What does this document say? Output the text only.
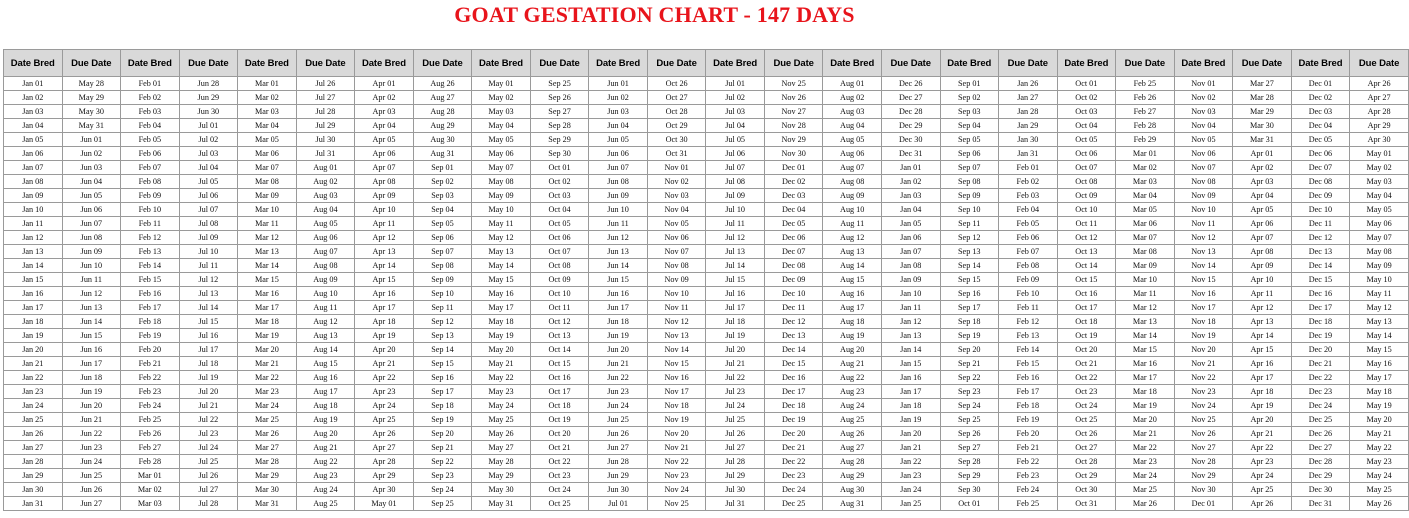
GOAT GESTATION CHART - 147 DAYS
Date Bred	Due Date	Date Bred	Due Date	Date Bred	Due Date	Date Bred	Due Date	Date Bred	Due Date	Date Bred	Due Date	Date Bred	Due Date	Date Bred	Due Date	Date Bred	Due Date	Date Bred	Due Date	Date Bred	Due Date	Date Bred	Due Date
Jan 01	May 28	Feb 01	Jun 28	Mar 01	Jul 26	Apr 01	Aug 26	May 01	Sep 25	Jun 01	Oct 26	Jul 01	Nov 25	Aug 01	Dec 26	Sep 01	Jan 26	Oct 01	Feb 25	Nov 01	Mar 27	Dec 01	Apr 26
Jan 02	May 29	Feb 02	Jun 29	Mar 02	Jul 27	Apr 02	Aug 27	May 02	Sep 26	Jun 02	Oct 27	Jul 02	Nov 26	Aug 02	Dec 27	Sep 02	Jan 27	Oct 02	Feb 26	Nov 02	Mar 28	Dec 02	Apr 27
Jan 03	May 30	Feb 03	Jun 30	Mar 03	Jul 28	Apr 03	Aug 28	May 03	Sep 27	Jun 03	Oct 28	Jul 03	Nov 27	Aug 03	Dec 28	Sep 03	Jan 28	Oct 03	Feb 27	Nov 03	Mar 29	Dec 03	Apr 28
Jan 04	May 31	Feb 04	Jul 01	Mar 04	Jul 29	Apr 04	Aug 29	May 04	Sep 28	Jun 04	Oct 29	Jul 04	Nov 28	Aug 04	Dec 29	Sep 04	Jan 29	Oct 04	Feb 28	Nov 04	Mar 30	Dec 04	Apr 29
Jan 05	Jun 01	Feb 05	Jul 02	Mar 05	Jul 30	Apr 05	Aug 30	May 05	Sep 29	Jun 05	Oct 30	Jul 05	Nov 29	Aug 05	Dec 30	Sep 05	Jan 30	Oct 05	Feb 29	Nov 05	Mar 31	Dec 05	Apr 30
Jan 06	Jun 02	Feb 06	Jul 03	Mar 06	Jul 31	Apr 06	Aug 31	May 06	Sep 30	Jun 06	Oct 31	Jul 06	Nov 30	Aug 06	Dec 31	Sep 06	Jan 31	Oct 06	Mar 01	Nov 06	Apr 01	Dec 06	May 01
Jan 07	Jun 03	Feb 07	Jul 04	Mar 07	Aug 01	Apr 07	Sep 01	May 07	Oct 01	Jun 07	Nov 01	Jul 07	Dec 01	Aug 07	Jan 01	Sep 07	Feb 01	Oct 07	Mar 02	Nov 07	Apr 02	Dec 07	May 02
Jan 08	Jun 04	Feb 08	Jul 05	Mar 08	Aug 02	Apr 08	Sep 02	May 08	Oct 02	Jun 08	Nov 02	Jul 08	Dec 02	Aug 08	Jan 02	Sep 08	Feb 02	Oct 08	Mar 03	Nov 08	Apr 03	Dec 08	May 03
Jan 09	Jun 05	Feb 09	Jul 06	Mar 09	Aug 03	Apr 09	Sep 03	May 09	Oct 03	Jun 09	Nov 03	Jul 09	Dec 03	Aug 09	Jan 03	Sep 09	Feb 03	Oct 09	Mar 04	Nov 09	Apr 04	Dec 09	May 04
Jan 10	Jun 06	Feb 10	Jul 07	Mar 10	Aug 04	Apr 10	Sep 04	May 10	Oct 04	Jun 10	Nov 04	Jul 10	Dec 04	Aug 10	Jan 04	Sep 10	Feb 04	Oct 10	Mar 05	Nov 10	Apr 05	Dec 10	May 05
Jan 11	Jun 07	Feb 11	Jul 08	Mar 11	Aug 05	Apr 11	Sep 05	May 11	Oct 05	Jun 11	Nov 05	Jul 11	Dec 05	Aug 11	Jan 05	Sep 11	Feb 05	Oct 11	Mar 06	Nov 11	Apr 06	Dec 11	May 06
Jan 12	Jun 08	Feb 12	Jul 09	Mar 12	Aug 06	Apr 12	Sep 06	May 12	Oct 06	Jun 12	Nov 06	Jul 12	Dec 06	Aug 12	Jan 06	Sep 12	Feb 06	Oct 12	Mar 07	Nov 12	Apr 07	Dec 12	May 07
Jan 13	Jun 09	Feb 13	Jul 10	Mar 13	Aug 07	Apr 13	Sep 07	May 13	Oct 07	Jun 13	Nov 07	Jul 13	Dec 07	Aug 13	Jan 07	Sep 13	Feb 07	Oct 13	Mar 08	Nov 13	Apr 08	Dec 13	May 08
Jan 14	Jun 10	Feb 14	Jul 11	Mar 14	Aug 08	Apr 14	Sep 08	May 14	Oct 08	Jun 14	Nov 08	Jul 14	Dec 08	Aug 14	Jan 08	Sep 14	Feb 08	Oct 14	Mar 09	Nov 14	Apr 09	Dec 14	May 09
Jan 15	Jun 11	Feb 15	Jul 12	Mar 15	Aug 09	Apr 15	Sep 09	May 15	Oct 09	Jun 15	Nov 09	Jul 15	Dec 09	Aug 15	Jan 09	Sep 15	Feb 09	Oct 15	Mar 10	Nov 15	Apr 10	Dec 15	May 10
Jan 16	Jun 12	Feb 16	Jul 13	Mar 16	Aug 10	Apr 16	Sep 10	May 16	Oct 10	Jun 16	Nov 10	Jul 16	Dec 10	Aug 16	Jan 10	Sep 16	Feb 10	Oct 16	Mar 11	Nov 16	Apr 11	Dec 16	May 11
Jan 17	Jun 13	Feb 17	Jul 14	Mar 17	Aug 11	Apr 17	Sep 11	May 17	Oct 11	Jun 17	Nov 11	Jul 17	Dec 11	Aug 17	Jan 11	Sep 17	Feb 11	Oct 17	Mar 12	Nov 17	Apr 12	Dec 17	May 12
Jan 18	Jun 14	Feb 18	Jul 15	Mar 18	Aug 12	Apr 18	Sep 12	May 18	Oct 12	Jun 18	Nov 12	Jul 18	Dec 12	Aug 18	Jan 12	Sep 18	Feb 12	Oct 18	Mar 13	Nov 18	Apr 13	Dec 18	May 13
Jan 19	Jun 15	Feb 19	Jul 16	Mar 19	Aug 13	Apr 19	Sep 13	May 19	Oct 13	Jun 19	Nov 13	Jul 19	Dec 13	Aug 19	Jan 13	Sep 19	Feb 13	Oct 19	Mar 14	Nov 19	Apr 14	Dec 19	May 14
Jan 20	Jun 16	Feb 20	Jul 17	Mar 20	Aug 14	Apr 20	Sep 14	May 20	Oct 14	Jun 20	Nov 14	Jul 20	Dec 14	Aug 20	Jan 14	Sep 20	Feb 14	Oct 20	Mar 15	Nov 20	Apr 15	Dec 20	May 15
Jan 21	Jun 17	Feb 21	Jul 18	Mar 21	Aug 15	Apr 21	Sep 15	May 21	Oct 15	Jun 21	Nov 15	Jul 21	Dec 15	Aug 21	Jan 15	Sep 21	Feb 15	Oct 21	Mar 16	Nov 21	Apr 16	Dec 21	May 16
Jan 22	Jun 18	Feb 22	Jul 19	Mar 22	Aug 16	Apr 22	Sep 16	May 22	Oct 16	Jun 22	Nov 16	Jul 22	Dec 16	Aug 22	Jan 16	Sep 22	Feb 16	Oct 22	Mar 17	Nov 22	Apr 17	Dec 22	May 17
Jan 23	Jun 19	Feb 23	Jul 20	Mar 23	Aug 17	Apr 23	Sep 17	May 23	Oct 17	Jun 23	Nov 17	Jul 23	Dec 17	Aug 23	Jan 17	Sep 23	Feb 17	Oct 23	Mar 18	Nov 23	Apr 18	Dec 23	May 18
Jan 24	Jun 20	Feb 24	Jul 21	Mar 24	Aug 18	Apr 24	Sep 18	May 24	Oct 18	Jun 24	Nov 18	Jul 24	Dec 18	Aug 24	Jan 18	Sep 24	Feb 18	Oct 24	Mar 19	Nov 24	Apr 19	Dec 24	May 19
Jan 25	Jun 21	Feb 25	Jul 22	Mar 25	Aug 19	Apr 25	Sep 19	May 25	Oct 19	Jun 25	Nov 19	Jul 25	Dec 19	Aug 25	Jan 19	Sep 25	Feb 19	Oct 25	Mar 20	Nov 25	Apr 20	Dec 25	May 20
Jan 26	Jun 22	Feb 26	Jul 23	Mar 26	Aug 20	Apr 26	Sep 20	May 26	Oct 20	Jun 26	Nov 20	Jul 26	Dec 20	Aug 26	Jan 20	Sep 26	Feb 20	Oct 26	Mar 21	Nov 26	Apr 21	Dec 26	May 21
Jan 27	Jun 23	Feb 27	Jul 24	Mar 27	Aug 21	Apr 27	Sep 21	May 27	Oct 21	Jun 27	Nov 21	Jul 27	Dec 21	Aug 27	Jan 21	Sep 27	Feb 21	Oct 27	Mar 22	Nov 27	Apr 22	Dec 27	May 22
Jan 28	Jun 24	Feb 28	Jul 25	Mar 28	Aug 22	Apr 28	Sep 22	May 28	Oct 22	Jun 28	Nov 22	Jul 28	Dec 22	Aug 28	Jan 22	Sep 28	Feb 22	Oct 28	Mar 23	Nov 28	Apr 23	Dec 28	May 23
Jan 29	Jun 25	Mar 01	Jul 26	Mar 29	Aug 23	Apr 29	Sep 23	May 29	Oct 23	Jun 29	Nov 23	Jul 29	Dec 23	Aug 29	Jan 23	Sep 29	Feb 23	Oct 29	Mar 24	Nov 29	Apr 24	Dec 29	May 24
Jan 30	Jun 26	Mar 02	Jul 27	Mar 30	Aug 24	Apr 30	Sep 24	May 30	Oct 24	Jun 30	Nov 24	Jul 30	Dec 24	Aug 30	Jan 24	Sep 30	Feb 24	Oct 30	Mar 25	Nov 30	Apr 25	Dec 30	May 25
Jan 31	Jun 27	Mar 03	Jul 28	Mar 31	Aug 25	May 01	Sep 25	May 31	Oct 25	Jul 01	Nov 25	Jul 31	Dec 25	Aug 31	Jan 25	Oct 01	Feb 25	Oct 31	Mar 26	Dec 01	Apr 26	Dec 31	May 26
